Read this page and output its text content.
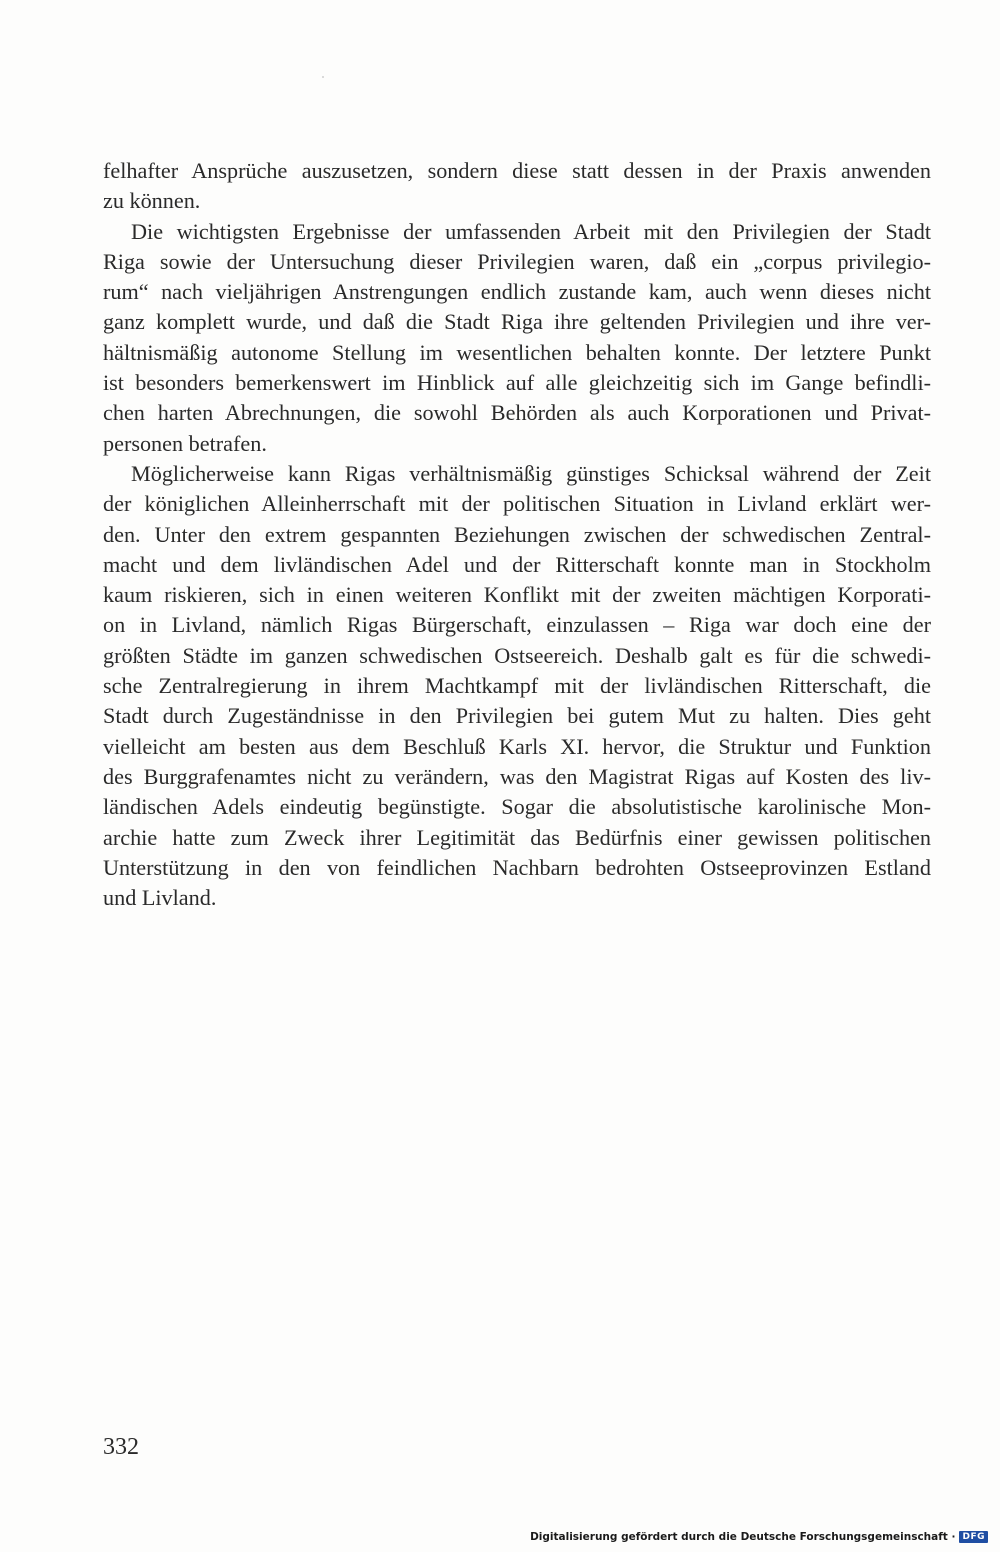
felhafter Ansprüche auszusetzen, sondern diese statt dessen in der Praxis anwenden
zu können.
Die wichtigsten Ergebnisse der umfassenden Arbeit mit den Privilegien der Stadt
Riga sowie der Untersuchung dieser Privilegien waren, daß ein „corpus privilegio-
rum“ nach vieljährigen Anstrengungen endlich zustande kam, auch wenn dieses nicht
ganz komplett wurde, und daß die Stadt Riga ihre geltenden Privilegien und ihre ver-
hältnismäßig autonome Stellung im wesentlichen behalten konnte. Der letztere Punkt
ist besonders bemerkenswert im Hinblick auf alle gleichzeitig sich im Gange befindli-
chen harten Abrechnungen, die sowohl Behörden als auch Korporationen und Privat-
personen betrafen.
Möglicherweise kann Rigas verhältnismäßig günstiges Schicksal während der Zeit
der königlichen Alleinherrschaft mit der politischen Situation in Livland erklärt wer-
den. Unter den extrem gespannten Beziehungen zwischen der schwedischen Zentral-
macht und dem livländischen Adel und der Ritterschaft konnte man in Stockholm
kaum riskieren, sich in einen weiteren Konflikt mit der zweiten mächtigen Korporati-
on in Livland, nämlich Rigas Bürgerschaft, einzulassen – Riga war doch eine der
größten Städte im ganzen schwedischen Ostseereich. Deshalb galt es für die schwedi-
sche Zentralregierung in ihrem Machtkampf mit der livländischen Ritterschaft, die
Stadt durch Zugeständnisse in den Privilegien bei gutem Mut zu halten. Dies geht
vielleicht am besten aus dem Beschluß Karls XI. hervor, die Struktur und Funktion
des Burggrafenamtes nicht zu verändern, was den Magistrat Rigas auf Kosten des liv-
ländischen Adels eindeutig begünstigte. Sogar die absolutistische karolinische Mon-
archie hatte zum Zweck ihrer Legitimität das Bedürfnis einer gewissen politischen
Unterstützung in den von feindlichen Nachbarn bedrohten Ostseeprovinzen Estland
und Livland.
332
Digitalisierung gefördert durch die Deutsche Forschungsgemeinschaft · DFG
